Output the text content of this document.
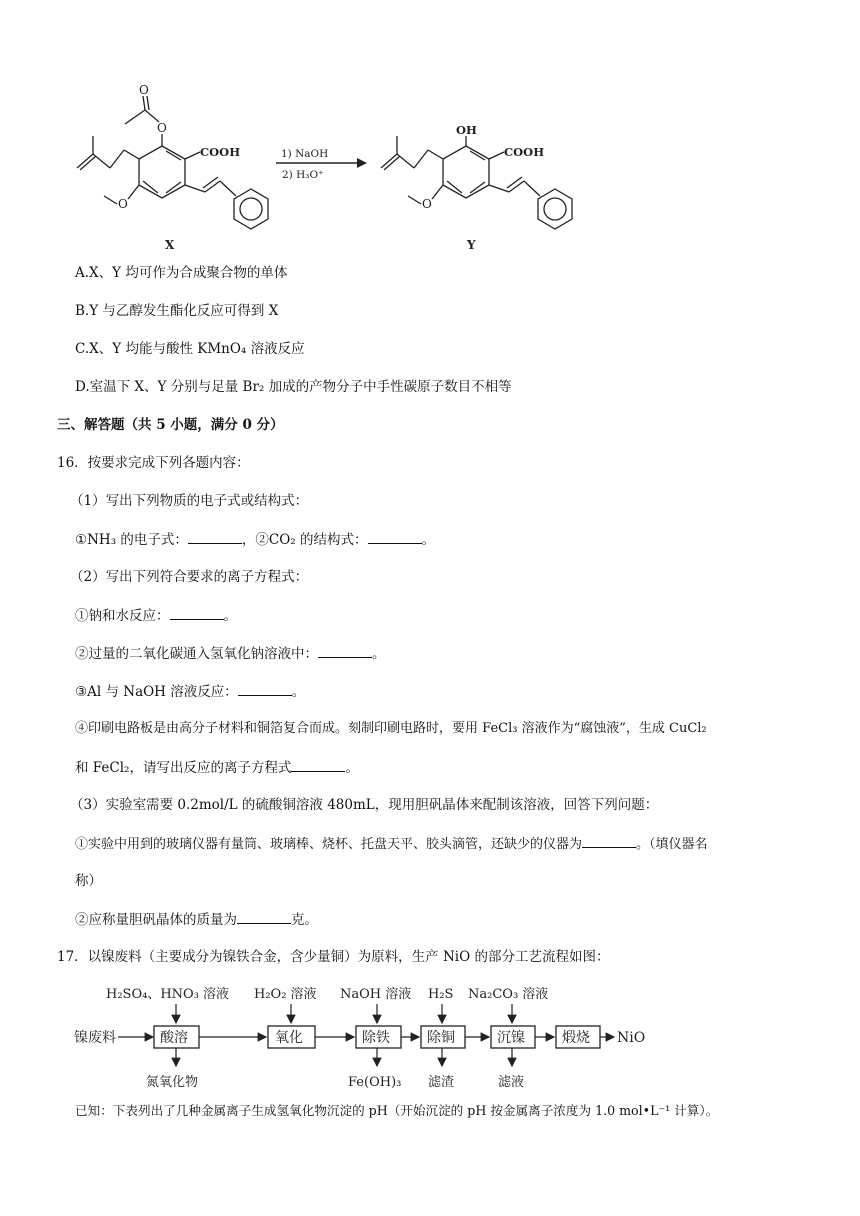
O
O
O
COOH
X
1) NaOH
2) H₃O⁺
OH
O
COOH
Y
A.X、Y 均可作为合成聚合物的单体
B.Y 与乙醇发生酯化反应可得到 X
C.X、Y 均能与酸性 KMnO₄ 溶液反应
D.室温下 X、Y 分别与足量 Br₂ 加成的产物分子中手性碳原子数目不相等
三、解答题（共 5 小题，满分 0 分）
16．按要求完成下列各题内容：
（1）写出下列物质的电子式或结构式：
①NH₃ 的电子式：	，②CO₂ 的结构式：	。
（2）写出下列符合要求的离子方程式：
①钠和水反应：	。
②过量的二氧化碳通入氢氧化钠溶液中：	。
③Al 与 NaOH 溶液反应：	。
④印刷电路板是由高分子材料和铜箔复合而成。刻制印刷电路时，要用 FeCl₃ 溶液作为“腐蚀液”，生成 CuCl₂
和 FeCl₂，请写出反应的离子方程式	。
（3）实验室需要 0.2mol/L 的硫酸铜溶液 480mL，现用胆矾晶体来配制该溶液，回答下列问题：
①实验中用到的玻璃仪器有量筒、玻璃棒、烧杯、托盘天平、胶头滴管，还缺少的仪器为	。（填仪器名
称）
②应称量胆矾晶体的质量为	克。
17．以镍废料（主要成分为镍铁合金，含少量铜）为原料，生产 NiO 的部分工艺流程如图：
H₂SO₄、HNO₃ 溶液 H₂O₂ 溶液 NaOH 溶液 H₂S Na₂CO₃ 溶液
镍废料	酸溶	氧化	除铁	除铜	沉镍	煅烧 NiO
氮氧化物	Fe(OH)₃ 滤渣	滤液
已知：下表列出了几种金属离子生成氢氧化物沉淀的 pH（开始沉淀的 pH 按金属离子浓度为 1.0 mol•L⁻¹ 计算）。
